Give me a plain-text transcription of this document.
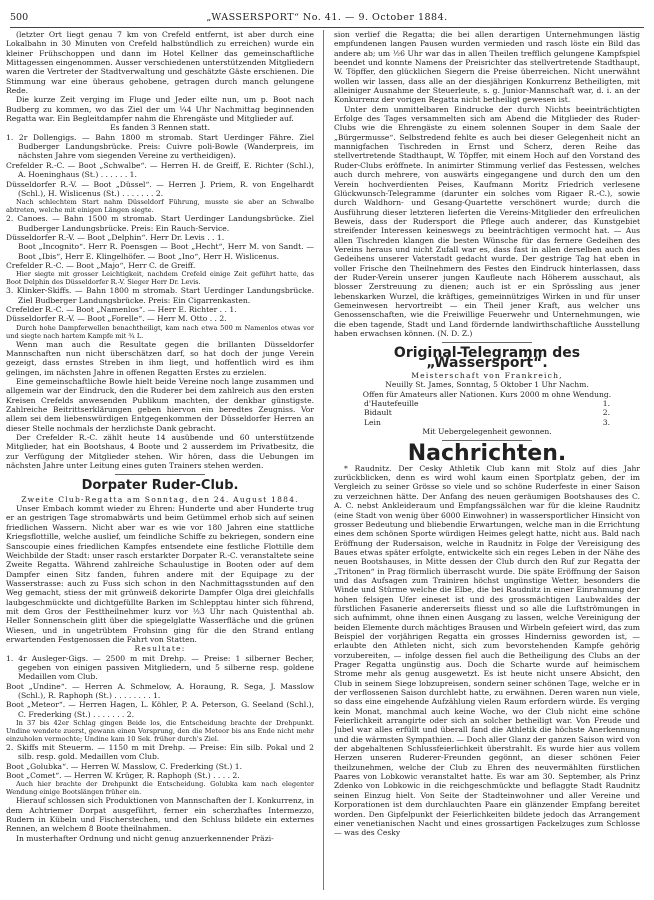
500	„WASSERSPORT“ No. 41. — 9. October 1884.

(letzter Ort liegt genau 7 km von Crefeld entfernt, ist aber durch eine Lokalbahn in 30 Minuten von Crefeld halbstündlich zu erreichen) wurde ein kleiner Frühschoppen und dann im Hotel Kellner das gemeinschaftliche Mittagessen eingenommen. Ausser verschiedenen unterstützenden Mitgliedern waren die Vertreter der Stadtverwaltung und geschätzte Gäste erschienen. Die Stimmung war eine überaus gehobene, getragen durch manch gelungene Rede.

Die kurze Zeit verging im Fluge und Jeder eilte nun, um p. Boot nach Budberg zu kommen, wo das Ziel der um ¼4 Uhr Nachmittag beginnenden Regatta war. Ein Begleitdampfer nahm die Ehrengäste und Mitglieder auf.

Es fanden 3 Rennen statt.

1. 2r Dollengigs. — Bahn 1800 m stromab. Start Uerdinger Fähre. Ziel Budberger Landungsbrücke. Preis: Cuivre poli-Bowle (Wanderpreis, im nächsten Jahre vom siegenden Vereine zu vertheidigen).

Crefelder R.-C. — Boot „Schwalbe“. — Herren H. de Greiff, E. Richter (Schl.), A. Hoeninghaus (St.) . . . . . . 1.

Düsseldorfer R.-V. — Boot „Düssel“. — Herren J. Priem, R. von Engelhardt (Schl.), H. Wislicenus (St.) . . . . . . . 2.

Nach schlechtem Start nahm Düsseldorf Führung, musste sie aber an Schwalbe abtreten, welche mit einigen Längen siegte.

2. Canoes. — Bahn 1500 m stromab. Start Uerdinger Landungsbrücke. Ziel Budberger Landungsbrücke. Preis: Ein Rauch-Service.

Düsseldorfer R.-V. — Boot „Delphin“. Herr Dr. Levis . . 1.

Boot „Incognito“. Herr R. Poensgen — Boot „Hecht“, Herr M. von Sandt. — Boot „Ibis“, Herr E. Klingelhöfer. — Boot „Ino“, Herr H. Wislicenus.

Crefelder R.-C. — Boot „Majo“, Herr C. de Greiff.

Hier siegte mit grosser Leichtigkeit, nachdem Crefeld einige Zeit geführt hatte, das Boot Delphin des Düsseldorfer R.-V. Sieger Herr Dr. Levis.

3. Klinker-Skiffs. — Bahn 1800 m stromab. Start Uerdinger Landungsbrücke. Ziel Budberger Landungsbrücke. Preis: Ein Cigarrenkasten.

Crefelder R.-C. — Boot „Namenlos“. — Herr E. Richter . . 1.

Düsseldorfer R.-V. — Boot „Forelle“. — Herr M. Otto . . 2.

Durch hohe Dampferwellen benachtheiligt, kam nach etwa 500 m Namenlos etwas vor und siegte nach hartem Kampfe mit ¾ L.

Wenn man auch die Resultate gegen die brillanten Düsseldorfer Mannschaften nun nicht überschätzen darf, so hat doch der junge Verein gezeigt, dass ernstes Streben in ihm liegt, und hoffentlich wird es ihm gelingen, im nächsten Jahre in offenen Regatten Erstes zu erzielen.

Eine gemeinschaftliche Bowle hielt beide Vereine noch lange zusammen und allgemein war der Eindruck, den die Ruderer bei dem zahlreich aus den ersten Kreisen Crefelds anwesenden Publikum machten, der denkbar günstigste. Zahlreiche Beitrittserklärungen geben hiervon ein beredtes Zeugniss. Vor allem sei dem liebenswürdigen Entgegenkommen der Düsseldorfer Herren an dieser Stelle nochmals der herzlichste Dank gebracht.

Der Crefelder R.-C. zählt heute 14 ausübende und 60 unterstützende Mitglieder, hat ein Bootshaus, 4 Boote und 2 ausserdem im Privatbesitz, die zur Verfügung der Mitglieder stehen. Wir hören, dass die Uebungen im nächsten Jahre unter Leitung eines guten Trainers stehen werden.

Dorpater Ruder-Club.

Zweite Club-Regatta am Sonntag, den 24. August 1884.

Unser Embach kommt wieder zu Ehren: Hunderte und aber Hunderte trug er an gestrigen Tage stromabwärts und beim Getümmel erhob sich auf seinen friedlichen Wassern. Nicht aber war es wie vor 180 Jahren eine stattliche Kriegsflottille, welche auslief, um feindliche Schiffe zu bekriegen, sondern eine Sanscoupie eines friedlichen Kampfes entsendete eine festliche Flottille dem Weichbilde der Stadt: unser rasch erstarkter Dorpater R.-C. veranstaltete seine Zweite Regatta. Während zahlreiche Schaulustige in Booten oder auf dem Dampfer einen Sitz fanden, fuhren andere mit der Equipage zu der Wasserstrasse: auch zu Fuss sich schon in den Nachmittagsstunden auf den Weg gemacht, stiess der mit grünweiß dekorirte Dampfer Olga drei gleichfalls laubgeschmückte und dichtgefüllte Barken im Schlepptau hinter sich führend, mit dem Gros der Festtheilnehmer kurz vor ½3 Uhr nach Quistenthal ab. Heller Sonnenschein glitt über die spiegelglatte Wasserfläche und die grünen Wiesen, und in ungetrübtem Frohsinn ging für die den Strand entlang erwartenden Festgenossen die Fahrt von Statten.

Resultate:

1. 4r Ausleger-Gigs. — 2500 m mit Drehp. — Preise: 1 silberner Becher, gegeben von einigen passiven Mitgliedern, und 5 silberne resp. goldene Medaillen vom Club.

Boot „Undine“. — Herren A. Schmelow, A. Horaung, R. Sega, J. Masslow (Schl.), R. Raphoph (St.) . . . . . . . . 1.

Boot „Meteor“. — Herren Hagen, L. Köhler, P. A. Peterson, G. Seeland (Schl.), C. Frederking (St.) . . . . . . . 2.

In 37 bis 42er Schlag gingen Beide los, die Entscheidung brachte der Drehpunkt. Undine wendete zuerst, gewann einen Vorsprung, den die Meteor bis ans Ende nicht mehr einzuholen vermochte; Undine kam 10 Sek. früher durch's Ziel.

2. Skiffs mit Steuerm. — 1150 m mit Drehp. — Preise: Ein silb. Pokal und 2 silb. resp. gold. Medaillen vom Club.

Boot „Golubka“. — Herren W. Masslow, C. Frederking (St.) 1.

Boot „Comet“. — Herren W. Krüger, R. Raphoph (St.) . . . . 2.

Auch hier brachte der Drehpunkt die Entscheidung. Golubka kam nach elegenter Wendung einige Bootslängen früher ein.

Hierauf schlossen sich Produktionen von Mannschaften der I. Konkurrenz, in dem Achtriemer Dorpat ausgeführt, ferner ein scherzhaftes Intermezzo, Rudern in Kübeln und Fischerstechen, und den Schluss bildete ein externes Rennen, an welchem 8 Boote theilnahmen.

In musterhafter Ordnung und nicht genug anzuerkennender Präzi-

sion verlief die Regatta; die bei allen derartigen Unternehmungen lästig empfundenen langen Pausen wurden vermieden und rasch löste ein Bild das andere ab; um ½6 Uhr war das in allen Theilen trefflich gelungene Kampfspiel beendet und konnte Namens der Preisrichter das stellvertretende Stadthaupt, W. Töpffer, den glücklichen Siegern die Preise überreichen. Nicht unerwähnt wollen wir lassen, dass alle an der diesjährigen Konkurrenz Betheiligten, mit alleiniger Ausnahme der Steuerleute, s. g. Junior-Mannschaft war, d. i. an der Konkurrenz der vorigen Regatta nicht betheiligt gewesen ist.

Unter dem unmittelbaren Eindrucke der durch Nichts beeinträchtigten Erfolge des Tages versammelten sich am Abend die Mitglieder des Ruder-Clubs wie die Ehrengäste zu einem solennen Souper in dem Saale der „Bürgermusse“. Selbstredend fehlte es auch bei dieser Gelegenheit nicht an mannigfachen Tischreden in Ernst und Scherz, deren Reihe das stellvertretende Stadthaupt, W. Töpffer, mit einem Hoch auf den Vorstand des Ruder-Clubs eröffnete. In animirter Stimmung verlief das Festessen, welches auch durch mehrere, von auswärts eingegangene und durch den um den Verein hochverdienten Peises, Kaufmann Moritz Friedrich verlesene Glückwunsch-Telegramme (darunter ein solches vom Rigaer R.-C.), sowie durch Waldhorn- und Gesang-Quartette verschönert wurde; durch die Ausführung dieser letzteren lieferten die Vereins-Mitglieder den erfreulichen Beweis, dass der Rudersport die Pflege auch anderer, das Kunstgebiet streifender Interessen keineswegs zu beeinträchtigen vermocht hat. — Aus allen Tischreden klangen die besten Wünsche für das fernere Gedeihen des Vereins heraus und nicht Zufall war es, dass fast in allen derselben auch des Gedeihens unserer Vaterstadt gedacht wurde. Der gestrige Tag hat eben in voller Frische den Theilnehmern des Festes den Eindruck hinterlassen, dass der Ruder-Verein unserer jungen Kaufleute nach Höherem ausschaut, als blosser Zerstreuung zu dienen; auch ist er ein Sprössling aus jener lebenskarken Wurzel, die kräftiges, gemeinnütziges Wirken in und für unser Gemeinwesen hervortreibt — ein Theil jener Kraft, aus welcher uns Genossenschaften, wie die Freiwillige Feuerwehr und Unternehmungen, wie die eben tagende, Stadt und Land fördernde landwirthschaftliche Ausstellung haben erwachsen können. (N. D. Z.)

Original-Telegramm des „Wassersport“.

Meisterschaft von Frankreich,

Neuilly St. James, Sonntag, 5 Oktober 1 Uhr Nachm.

Offen für Amateurs aller Nationen. Kurs 2000 m ohne Wendung.

d'Hautefeuille	1.
Bidault	2.
Lein	3.

Mit Uebergelegenheit gewonnen.

Nachrichten.

* Raudnitz. Der Cesky Athletik Club kann mit Stolz auf dies Jahr zurückblicken, denn es wird wohl kaum einen Sportplatz geben, der im Vergleich zu seiner Grösse so viele und so schöne Ruderfeste in einer Saison zu verzeichnen hätte. Der Anfang des neuen geräumigen Bootshauses des C. A. C. nebst Ankleideraum und Empfangssälchen war für die kleine Raudnitz (eine Stadt von wenig über 6000 Einwohner) in wassersportlicher Hinsicht von grosser Bedeutung und bliebendie Erwartungen, welche man in die Errichtung eines dem schönen Sporte würdigen Heimes gelegt hatte, nicht aus. Bald nach Eröffnung der Rudersaison, welche in Raudnitz in Folge der Vereisigung des Baues etwas später erfolgte, entwickelte sich ein reges Leben in der Nähe des neuen Bootshauses, in Mitte dessen der Club durch den Ruf zur Regatta der „Tritonen“ in Prag förmlich überrascht wurde. Die späte Eröffnung der Saison und das Aufsagen zum Trainiren höchst ungünstige Wetter, besonders die Winde und Stürme welche die Elbe, die bei Raudnitz in einer Einrahmung der hohen felsigen Ufer eineset ist und des grossmächtigen Laubwaldes der fürstlichen Fasanerie andererseits fliesst und so alle die Luftströmungen in sich aufnimmt, ohne ihnen einen Ausgang zu lassen, welche Vereinigung der beiden Elemente durch mächtiges Brausen und Wirbeln gefeiert wird, das zum Beispiel der vorjährigen Regatta ein grosses Hinderniss geworden ist, — erlaubte den Athleten nicht, sich zum bevorstehenden Kampfe gehörig vorzubereiten, — infolge dessen fiel auch die Betheiligung des Clubs an der Prager Regatta ungünstig aus. Doch die Scharte wurde auf heimischem Strome mehr als genug ausgewetzt. Es ist heute nicht unsere Absicht, den Club in seinem Siege lobzupreisen, sondern seiner schönen Tage, welche er in der verflossenen Saison durchlebt hatte, zu erwähnen. Deren waren nun viele, so dass eine eingehende Aufzählung vielen Raum erfordern würde. Es verging kein Monat, manchmal auch keine Woche, wo der Club nicht eine schöne Feierlichkeit arrangirte oder sich an solcher betheiligt war. Von Freude und Jubel war alles erfüllt und überall fand die Athletik die höchste Anerkennung und die wärmsten Sympathien. — Doch aller Glanz der ganzen Saison wird von der abgehaltenen Schlussfeierlichkeit überstrahlt. Es wurde hier aus vollem Herzen unseren Ruderer-Freunden gegönnt, an dieser schönen Feier theilzunehmen, welche der Club zu Ehren des neuvermählten fürstlichen Paares von Lobkowic veranstaltet hatte. Es war am 30. September, als Prinz Zdenko von Lobkowic in die reichgeschmückte und beflaggte Stadt Raudnitz seinen Einzug hielt. Von Seite der Stadteinwohner und aller Vereine und Korporationen ist dem durchlauchten Paare ein glänzender Empfang bereitet worden. Den Gipfelpunkt der Feierlichkeiten bildete jedoch das Arrangement einer venetianischen Nacht und eines grossartigen Fackelzuges zum Schlosse — was des Cesky
